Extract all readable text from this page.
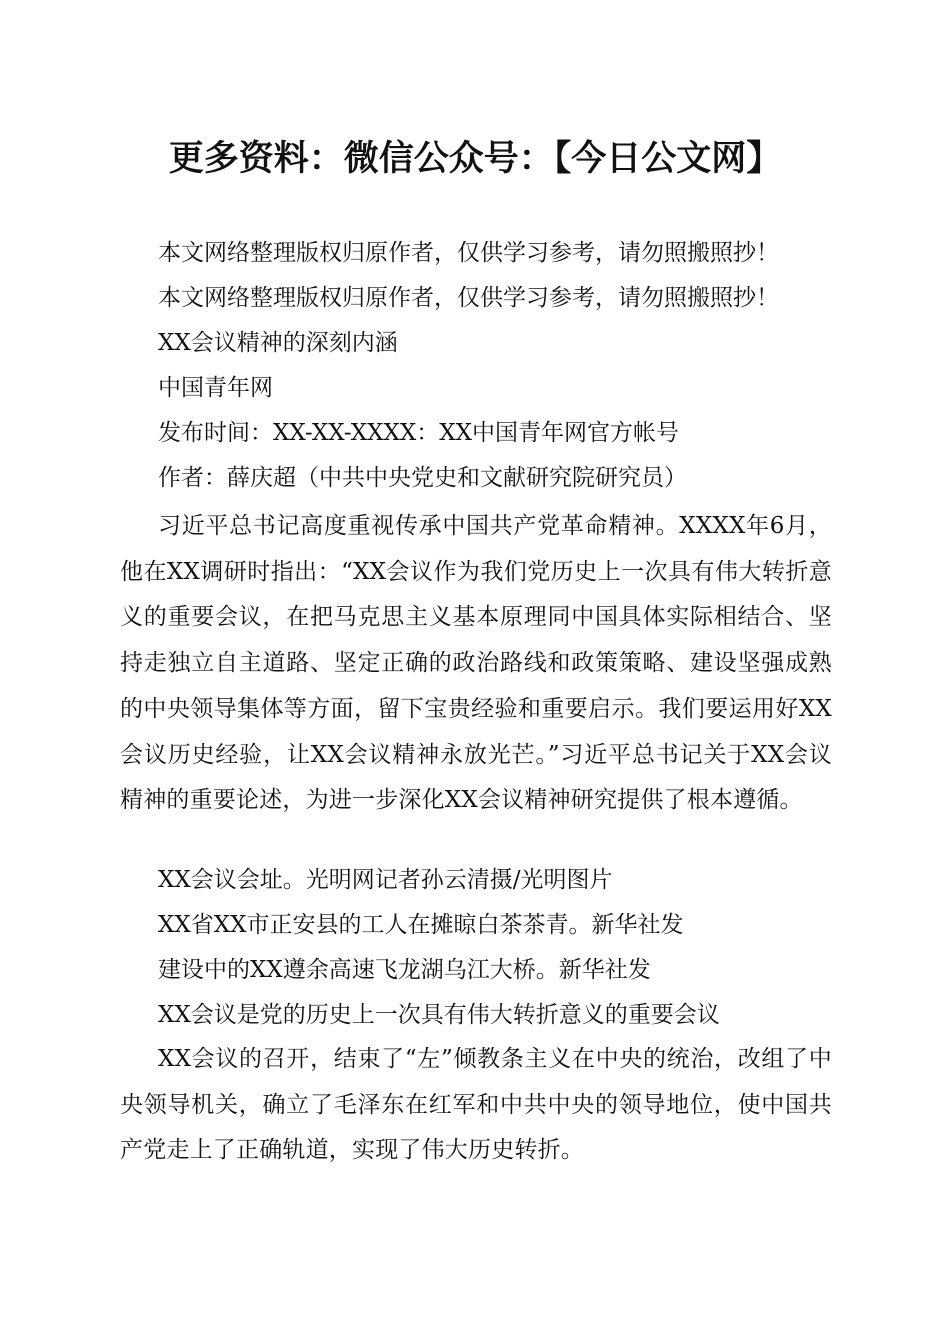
更多资料：微信公众号：【今日公文网】

本文网络整理版权归原作者，仅供学习参考，请勿照搬照抄！

本文网络整理版权归原作者，仅供学习参考，请勿照搬照抄！

XX会议精神的深刻内涵

中国青年网

发布时间：XX-XX-XXXX：XX中国青年网官方帐号

作者：薛庆超（中共中央党史和文献研究院研究员）

习近平总书记高度重视传承中国共产党革命精神。XXXX年6月，他在XX调研时指出：“XX会议作为我们党历史上一次具有伟大转折意义的重要会议，在把马克思主义基本原理同中国具体实际相结合、坚持走独立自主道路、坚定正确的政治路线和政策策略、建设坚强成熟的中央领导集体等方面，留下宝贵经验和重要启示。我们要运用好XX会议历史经验，让XX会议精神永放光芒。”习近平总书记关于XX会议精神的重要论述，为进一步深化XX会议精神研究提供了根本遵循。

XX会议会址。光明网记者孙云清摄/光明图片

XX省XX市正安县的工人在摊晾白茶茶青。新华社发

建设中的XX遵余高速飞龙湖乌江大桥。新华社发

XX会议是党的历史上一次具有伟大转折意义的重要会议

XX会议的召开，结束了“左”倾教条主义在中央的统治，改组了中央领导机关，确立了毛泽东在红军和中共中央的领导地位，使中国共产党走上了正确轨道，实现了伟大历史转折。
